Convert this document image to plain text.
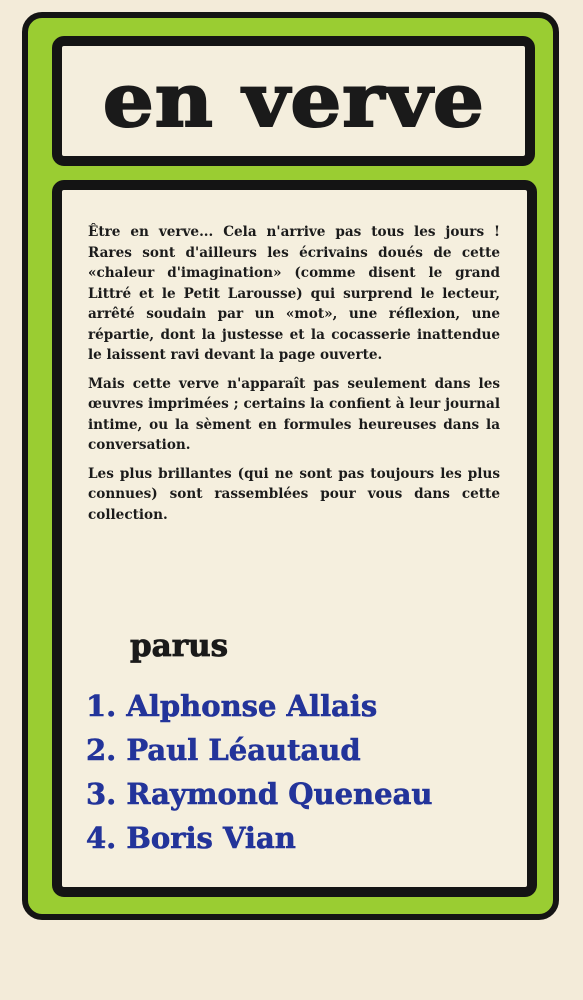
en verve

Être en verve... Cela n'arrive pas tous les jours ! Rares sont d'ailleurs les écrivains doués de cette «chaleur d'imagination» (comme disent le grand Littré et le Petit Larousse) qui surprend le lecteur, arrêté soudain par un «mot», une réflexion, une répartie, dont la justesse et la cocasserie inattendue le laissent ravi devant la page ouverte.

Mais cette verve n'apparaît pas seulement dans les œuvres imprimées ; certains la confient à leur journal intime, ou la sèment en formules heureuses dans la conversation.

Les plus brillantes (qui ne sont pas toujours les plus connues) sont rassemblées pour vous dans cette collection.

parus
1. Alphonse Allais
2. Paul Léautaud
3. Raymond Queneau
4. Boris Vian
